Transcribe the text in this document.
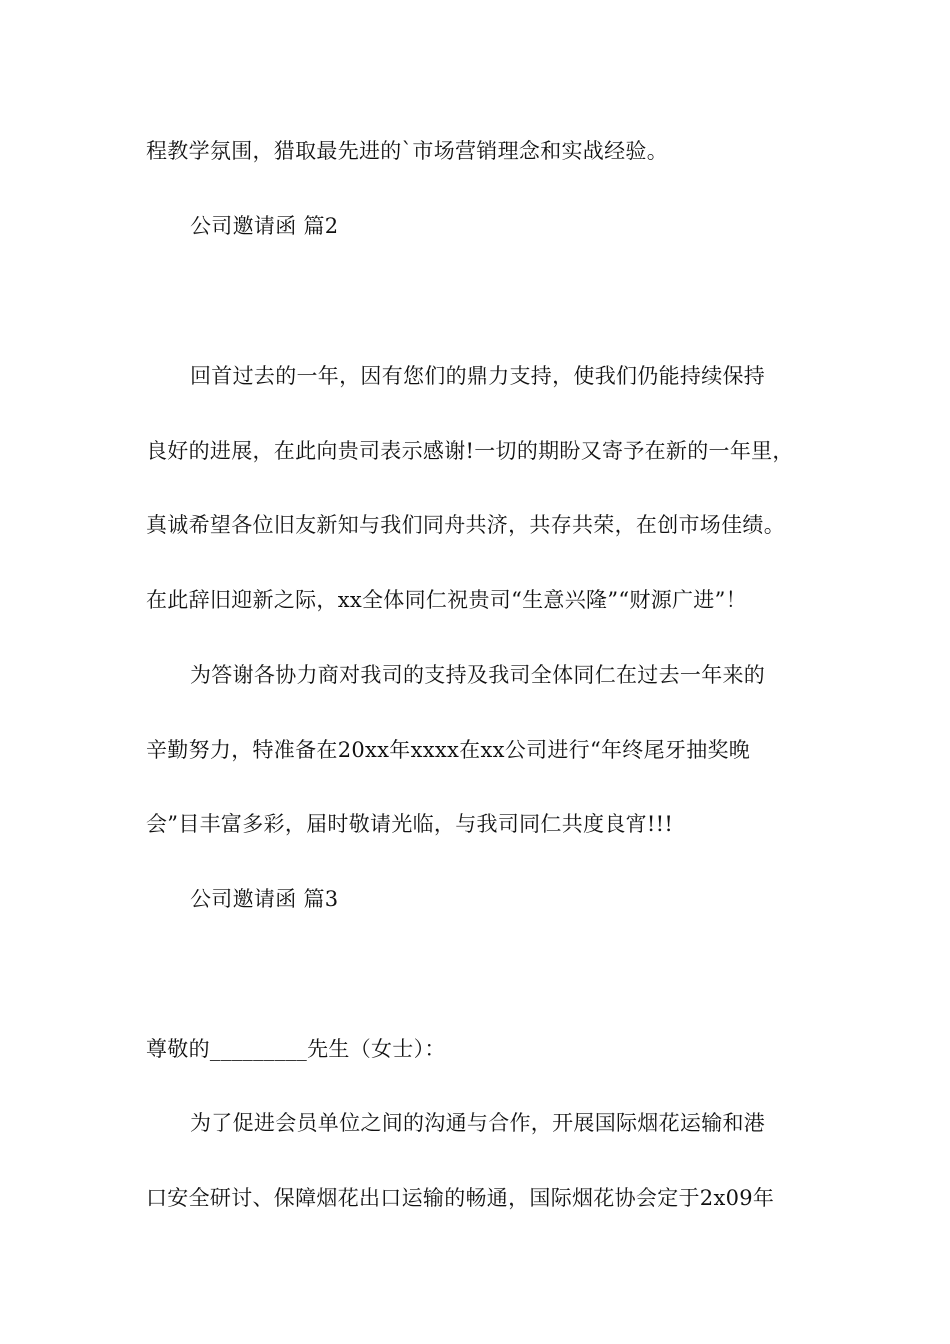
程教学氛围，猎取最先进的`市场营销理念和实战经验。
公司邀请函 篇2
回首过去的一年，因有您们的鼎力支持，使我们仍能持续保持
良好的进展，在此向贵司表示感谢!一切的期盼又寄予在新的一年里，
真诚希望各位旧友新知与我们同舟共济，共存共荣，在创市场佳绩。
在此辞旧迎新之际，xx全体同仁祝贵司“生意兴隆”“财源广进”！
为答谢各协力商对我司的支持及我司全体同仁在过去一年来的
辛勤努力，特准备在20xx年xxxx在xx公司进行“年终尾牙抽奖晚
会”目丰富多彩，届时敬请光临，与我司同仁共度良宵!!!
公司邀请函 篇3
尊敬的_________先生（女士）：
为了促进会员单位之间的沟通与合作，开展国际烟花运输和港
口安全研讨、保障烟花出口运输的畅通，国际烟花协会定于2x09年
